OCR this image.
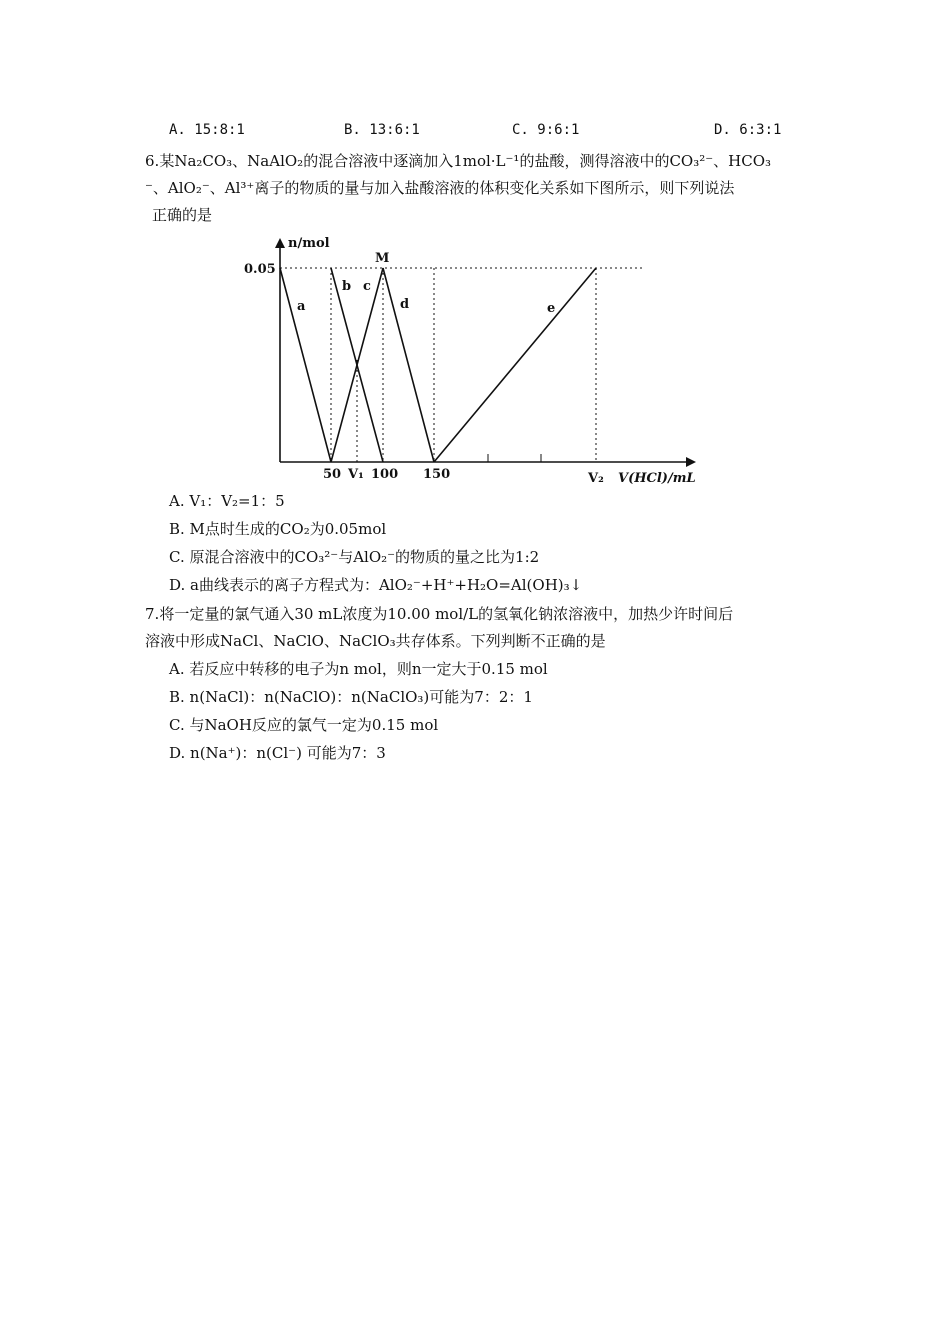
A. 15:8:1	B. 13:6:1	C. 9:6:1	D. 6:3:1
6.某Na₂CO₃、NaAlO₂的混合溶液中逐滴加入1mol·L⁻¹的盐酸，测得溶液中的CO₃²⁻、HCO₃
⁻、AlO₂⁻、Al³⁺离子的物质的量与加入盐酸溶液的体积变化关系如下图所示，则下列说法
正确的是
n/mol
0.05
M
a
b c
d	e
50 V₁ 100 150	V₂ V(HCl)/mL
A. V₁：V₂=1：5
B. M点时生成的CO₂为0.05mol
C. 原混合溶液中的CO₃²⁻与AlO₂⁻的物质的量之比为1:2
D. a曲线表示的离子方程式为：AlO₂⁻+H⁺+H₂O=Al(OH)₃↓
7.将一定量的氯气通入30 mL浓度为10.00 mol/L的氢氧化钠浓溶液中，加热少许时间后
溶液中形成NaCl、NaClO、NaClO₃共存体系。下列判断不正确的是
A. 若反应中转移的电子为n mol，则n一定大于0.15 mol
B. n(NaCl)：n(NaClO)：n(NaClO₃)可能为7：2：1
C. 与NaOH反应的氯气一定为0.15 mol
D. n(Na⁺)：n(Cl⁻) 可能为7：3
